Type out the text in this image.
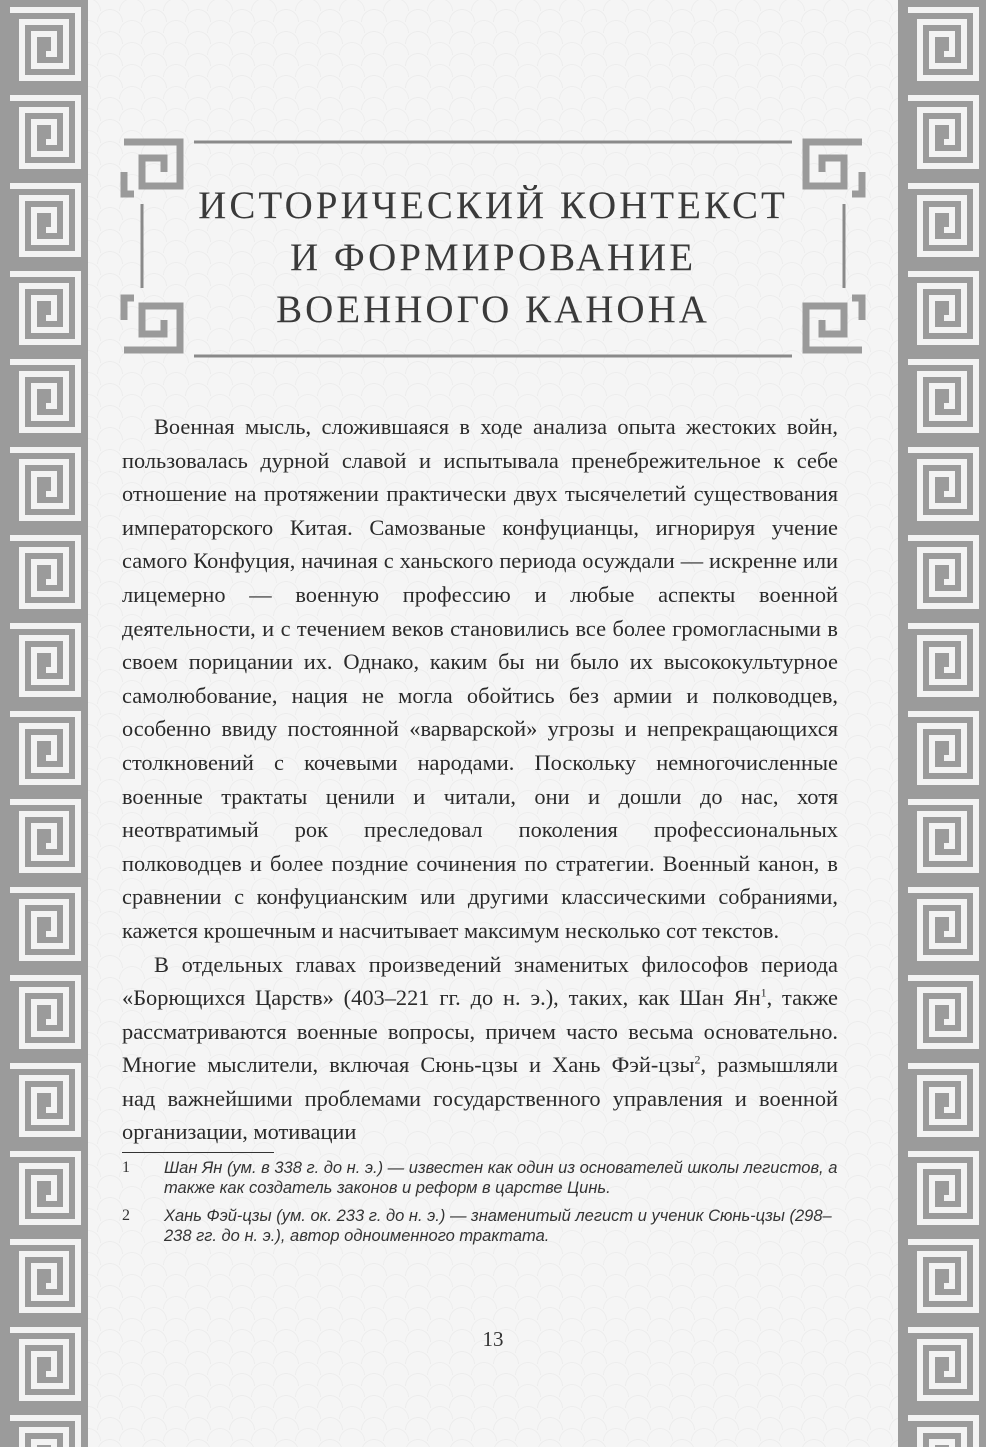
ИСТОРИЧЕСКИЙ КОНТЕКСТ
И ФОРМИРОВАНИЕ
ВОЕННОГО КАНОНА

Военная мысль, сложившаяся в ходе анализа опыта жестоких войн, пользовалась дурной славой и испытывала пренебрежительное к себе отношение на протяжении практически двух тысячелетий существования императорского Китая. Самозваные конфуцианцы, игнорируя учение самого Конфуция, начиная с ханьского периода осуждали — искренне или лицемерно — военную профессию и любые аспекты военной деятельности, и с течением веков становились все более громогласными в своем порицании их. Однако, каким бы ни было их высококультурное самолюбование, нация не могла обойтись без армии и полководцев, особенно ввиду постоянной «варварской» угрозы и непрекращающихся столкновений с кочевыми народами. Поскольку немногочисленные военные трактаты ценили и читали, они и дошли до нас, хотя неотвратимый рок преследовал поколения профессиональных полководцев и более поздние сочинения по стратегии. Военный канон, в сравнении с конфуцианским или другими классическими собраниями, кажется крошечным и насчитывает максимум несколько сот текстов.

В отдельных главах произведений знаменитых философов периода «Борющихся Царств» (403–221 гг. до н. э.), таких, как Шан $Ян^1$, также рассматриваются военные вопросы, причем часто весьма основательно. Многие мыслители, включая Сюнь-цзы и Хань Фэй-цзы$^2$, размышляли над важнейшими проблемами государственного управления и военной организации, мотивации

1 Шан Ян (ум. в 338 г. до н. э.) — известен как один из основателей школы легистов, а также как создатель законов и реформ в царстве Цинь.
2 Хань Фэй-цзы (ум. ок. 233 г. до н. э.) — знаменитый легист и ученик Сюнь-цзы (298–238 гг. до н. э.), автор одноименного трактата.
13
